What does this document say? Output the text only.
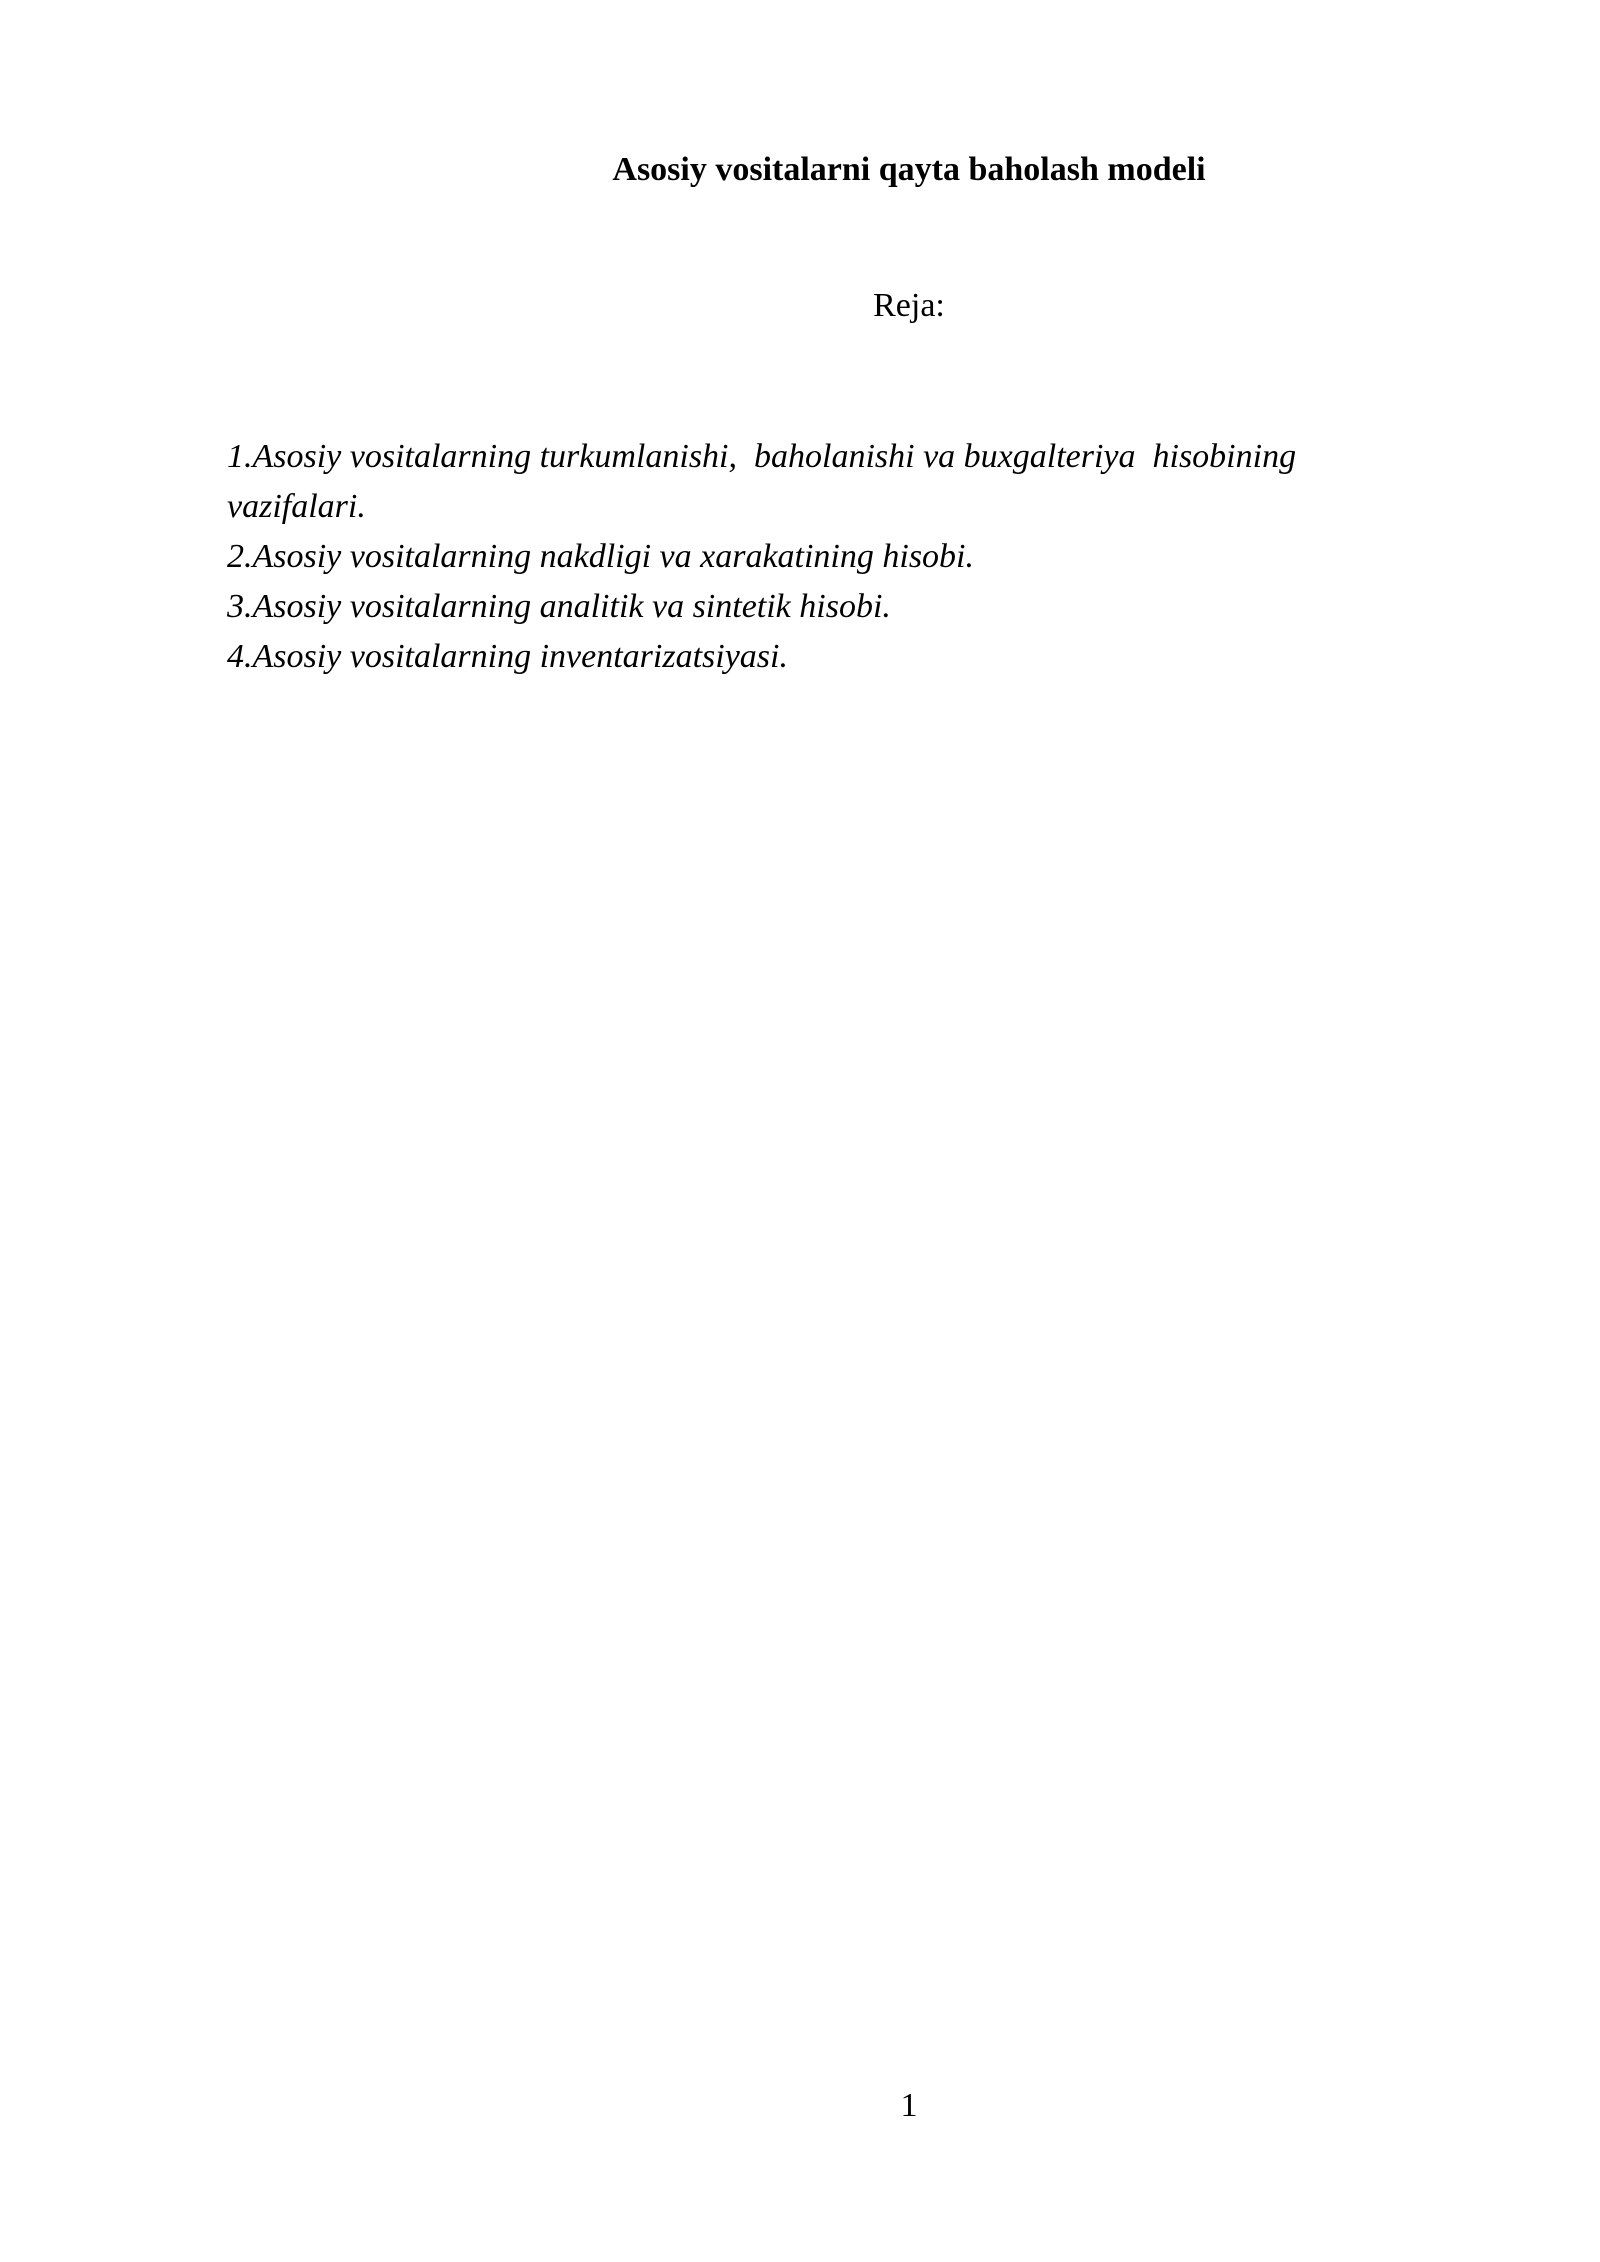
Asosiy vositalarni qayta baholash modeli
Reja:
1.Asosiy vositalarning turkumlanishi,  baholanishi va buxgalteriya  hisobining vazifalari.
2.Asosiy vositalarning nakdligi va xarakatining hisobi.
3.Asosiy vositalarning analitik va sintetik hisobi.
4.Asosiy vositalarning inventarizatsiyasi.
1
